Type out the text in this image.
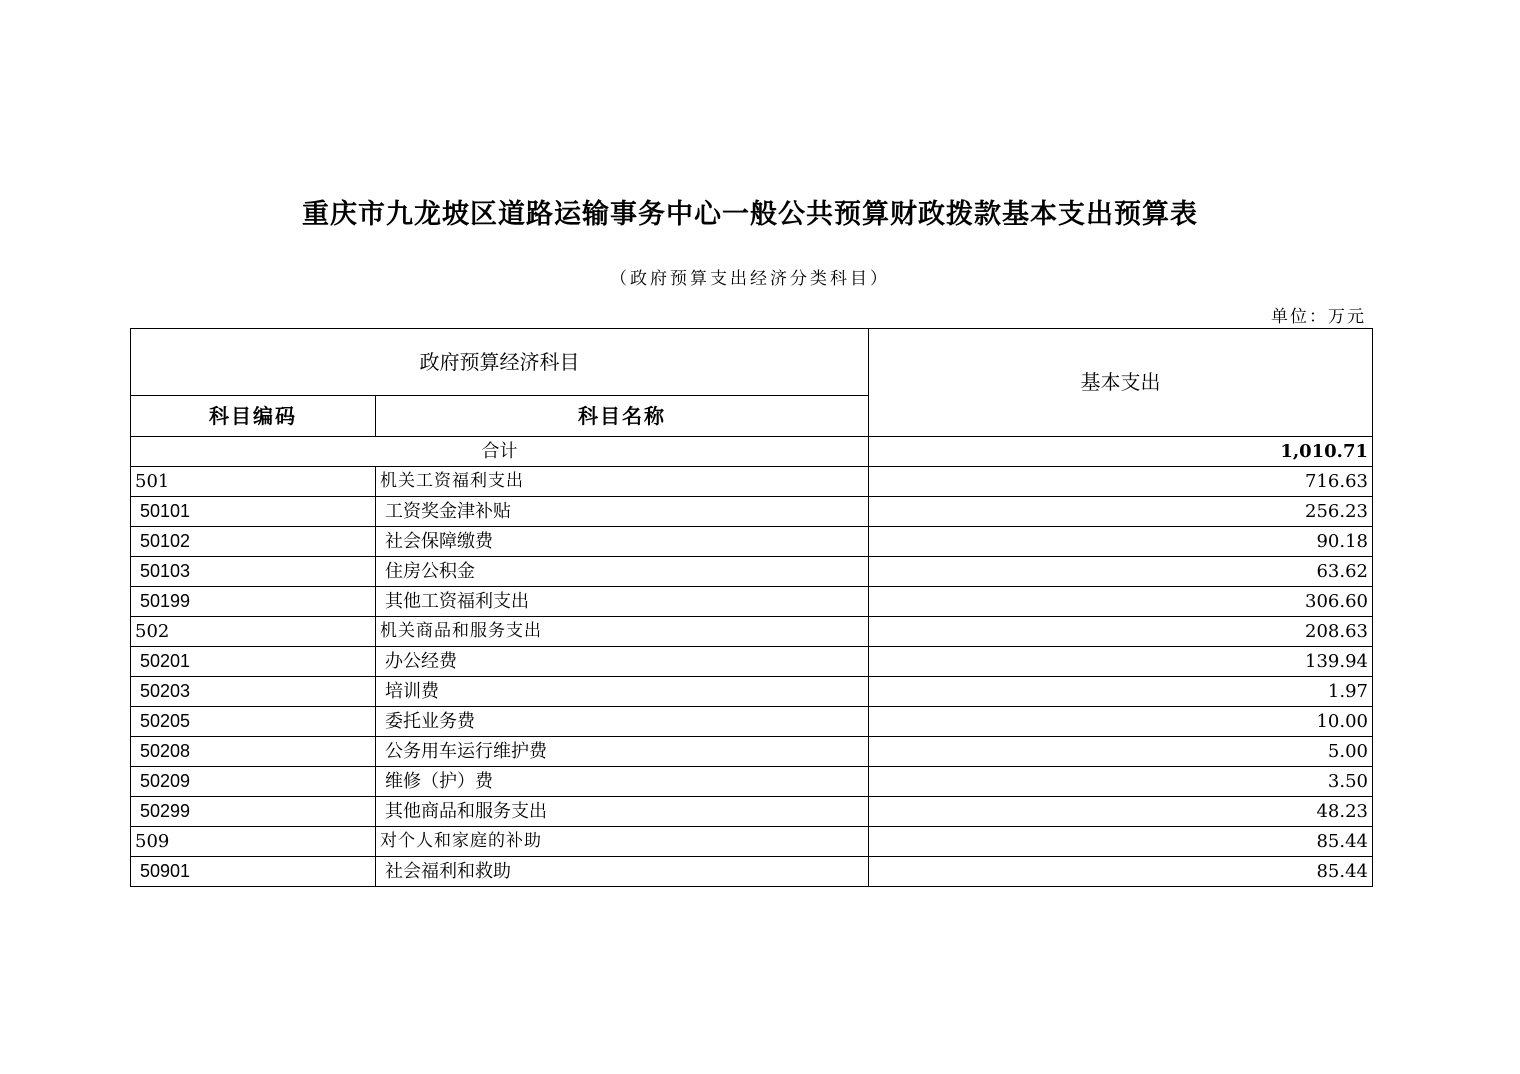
重庆市九龙坡区道路运输事务中心一般公共预算财政拨款基本支出预算表
（政府预算支出经济分类科目）
单位：万元
政府预算经济科目		基本支出
科目编码	科目名称	
合计		1,010.71
501	机关工资福利支出	716.63
50101	工资奖金津补贴	256.23
50102	社会保障缴费	90.18
50103	住房公积金	63.62
50199	其他工资福利支出	306.60
502	机关商品和服务支出	208.63
50201	办公经费	139.94
50203	培训费	1.97
50205	委托业务费	10.00
50208	公务用车运行维护费	5.00
50209	维修（护）费	3.50
50299	其他商品和服务支出	48.23
509	对个人和家庭的补助	85.44
50901	社会福利和救助	85.44
